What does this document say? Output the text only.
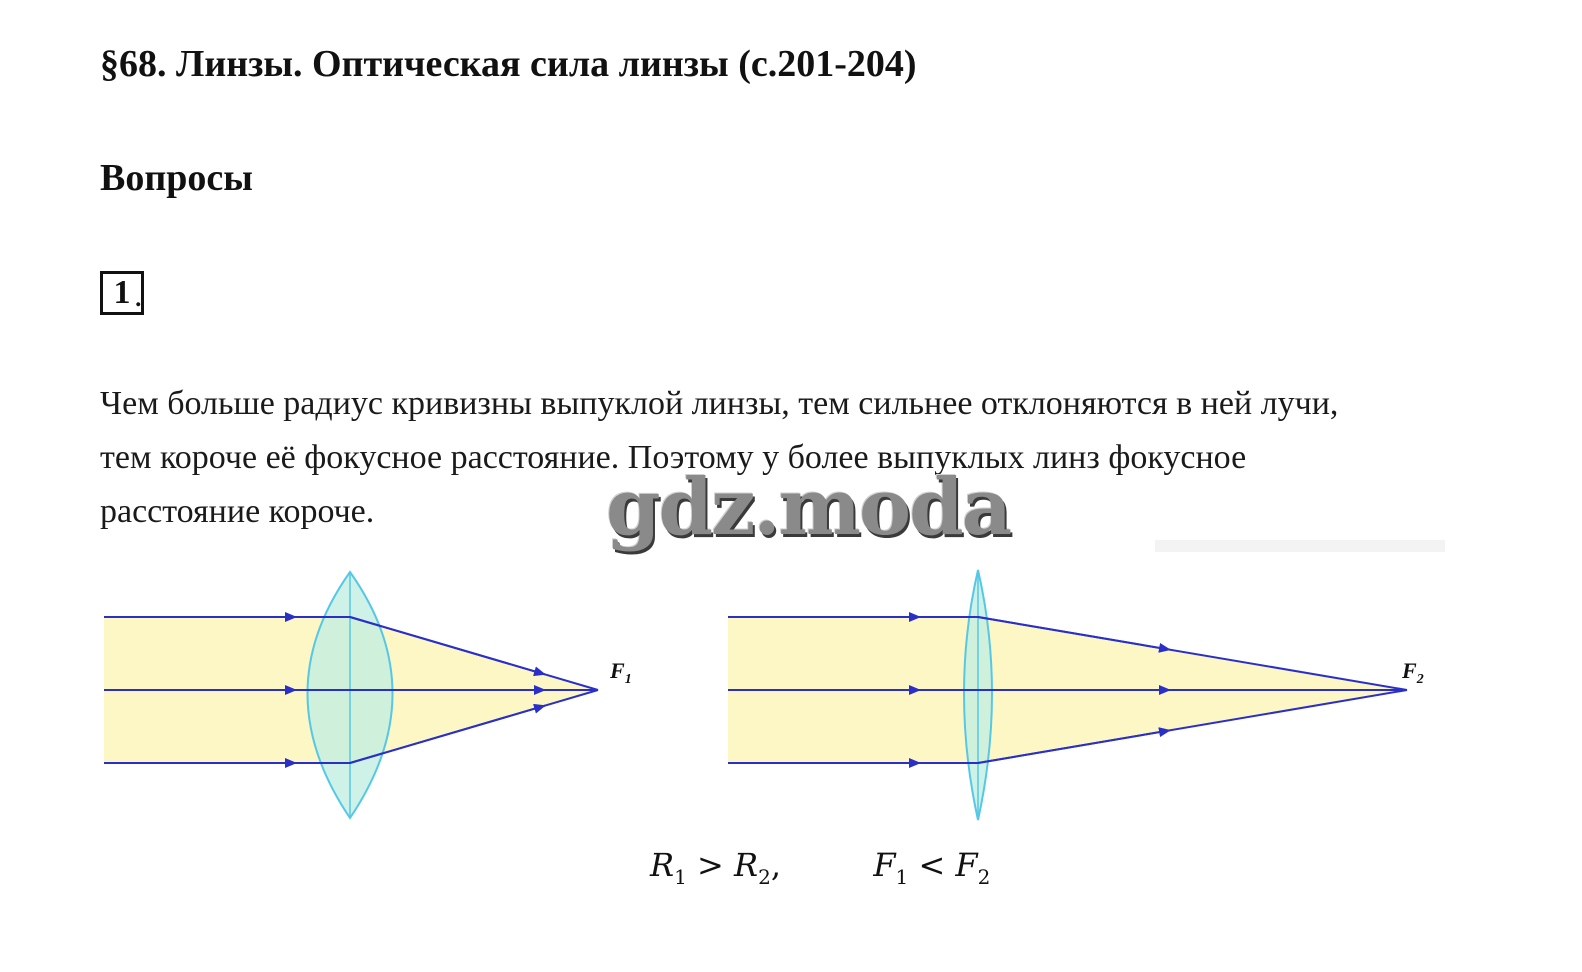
§68. Линзы. Оптическая сила линзы (с.201-204)
Вопросы
1 .
Чем больше радиус кривизны выпуклой линзы, тем сильнее отклоняются в ней лучи,
тем короче её фокусное расстояние. Поэтому у более выпуклых линз фокусное
расстояние короче.
$F_1$	$F_2$
gdz.moda
$R_1 > R_2$,	$F_1 < F_2$
